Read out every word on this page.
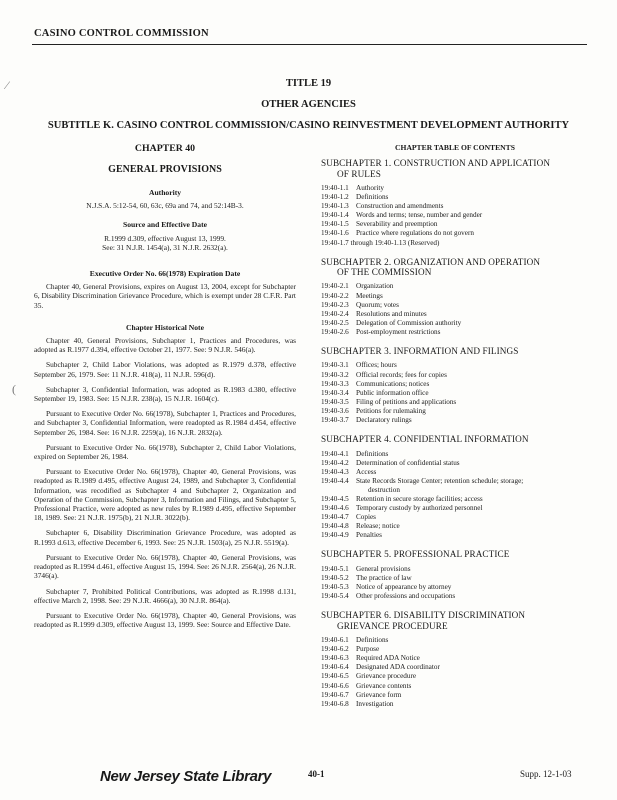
CASINO CONTROL COMMISSION
TITLE 19
OTHER AGENCIES
SUBTITLE K. CASINO CONTROL COMMISSION/CASINO REINVESTMENT DEVELOPMENT AUTHORITY
⁄
(
CHAPTER 40
GENERAL PROVISIONS
Authority
N.J.S.A. 5:12-54, 60, 63c, 69a and 74, and 52:14B-3.
Source and Effective Date
R.1999 d.309, effective August 13, 1999.
See: 31 N.J.R. 1454(a), 31 N.J.R. 2632(a).
Executive Order No. 66(1978) Expiration Date
Chapter 40, General Provisions, expires on August 13, 2004, except for Subchapter 6, Disability Discrimination Grievance Procedure, which is exempt under 28 C.F.R. Part 35.
Chapter Historical Note
Chapter 40, General Provisions, Subchapter 1, Practices and Procedures, was adopted as R.1977 d.394, effective October 21, 1977. See: 9 N.J.R. 546(a).
Subchapter 2, Child Labor Violations, was adopted as R.1979 d.378, effective September 26, 1979. See: 11 N.J.R. 418(a), 11 N.J.R. 596(d).
Subchapter 3, Confidential Information, was adopted as R.1983 d.380, effective September 19, 1983. See: 15 N.J.R. 238(a), 15 N.J.R. 1604(c).
Pursuant to Executive Order No. 66(1978), Subchapter 1, Practices and Procedures, and Subchapter 3, Confidential Information, were readopted as R.1984 d.454, effective September 26, 1984. See: 16 N.J.R. 2259(a), 16 N.J.R. 2832(a).
Pursuant to Executive Order No. 66(1978), Subchapter 2, Child Labor Violations, expired on September 26, 1984.
Pursuant to Executive Order No. 66(1978), Chapter 40, General Provisions, was readopted as R.1989 d.495, effective August 24, 1989, and Subchapter 3, Confidential Information, was recodified as Subchapter 4 and Subchapter 2, Organization and Operation of the Commission, Subchapter 3, Information and Filings, and Subchapter 5, Professional Practice, were adopted as new rules by R.1989 d.495, effective September 18, 1989. See: 21 N.J.R. 1975(b), 21 N.J.R. 3022(b).
Subchapter 6, Disability Discrimination Grievance Procedure, was adopted as R.1993 d.613, effective December 6, 1993. See: 25 N.J.R. 1503(a), 25 N.J.R. 5519(a).
Pursuant to Executive Order No. 66(1978), Chapter 40, General Provisions, was readopted as R.1994 d.461, effective August 15, 1994. See: 26 N.J.R. 2564(a), 26 N.J.R. 3746(a).
Subchapter 7, Prohibited Political Contributions, was adopted as R.1998 d.131, effective March 2, 1998. See: 29 N.J.R. 4666(a), 30 N.J.R. 864(a).
Pursuant to Executive Order No. 66(1978), Chapter 40, General Provisions, was readopted as R.1999 d.309, effective August 13, 1999. See: Source and Effective Date.
CHAPTER TABLE OF CONTENTS
SUBCHAPTER 1. CONSTRUCTION AND APPLICATION
OF RULES
19:40-1.1	Authority
19:40-1.2	Definitions
19:40-1.3	Construction and amendments
19:40-1.4	Words and terms; tense, number and gender
19:40-1.5	Severability and preemption
19:40-1.6	Practice where regulations do not govern
19:40-1.7 through 19:40-1.13 (Reserved)
SUBCHAPTER 2. ORGANIZATION AND OPERATION
OF THE COMMISSION
19:40-2.1	Organization
19:40-2.2	Meetings
19:40-2.3	Quorum; votes
19:40-2.4	Resolutions and minutes
19:40-2.5	Delegation of Commission authority
19:40-2.6	Post-employment restrictions
SUBCHAPTER 3. INFORMATION AND FILINGS
19:40-3.1	Offices; hours
19:40-3.2	Official records; fees for copies
19:40-3.3	Communications; notices
19:40-3.4	Public information office
19:40-3.5	Filing of petitions and applications
19:40-3.6	Petitions for rulemaking
19:40-3.7	Declaratory rulings
SUBCHAPTER 4. CONFIDENTIAL INFORMATION
19:40-4.1	Definitions
19:40-4.2	Determination of confidential status
19:40-4.3	Access
19:40-4.4	State Records Storage Center; retention schedule; storage;
destruction
19:40-4.5	Retention in secure storage facilities; access
19:40-4.6	Temporary custody by authorized personnel
19:40-4.7	Copies
19:40-4.8	Release; notice
19:40-4.9	Penalties
SUBCHAPTER 5. PROFESSIONAL PRACTICE
19:40-5.1	General provisions
19:40-5.2	The practice of law
19:40-5.3	Notice of appearance by attorney
19:40-5.4	Other professions and occupations
SUBCHAPTER 6. DISABILITY DISCRIMINATION
GRIEVANCE PROCEDURE
19:40-6.1	Definitions
19:40-6.2	Purpose
19:40-6.3	Required ADA Notice
19:40-6.4	Designated ADA coordinator
19:40-6.5	Grievance procedure
19:40-6.6	Grievance contents
19:40-6.7	Grievance form
19:40-6.8	Investigation
New Jersey State Library	40-1	Supp. 12-1-03
